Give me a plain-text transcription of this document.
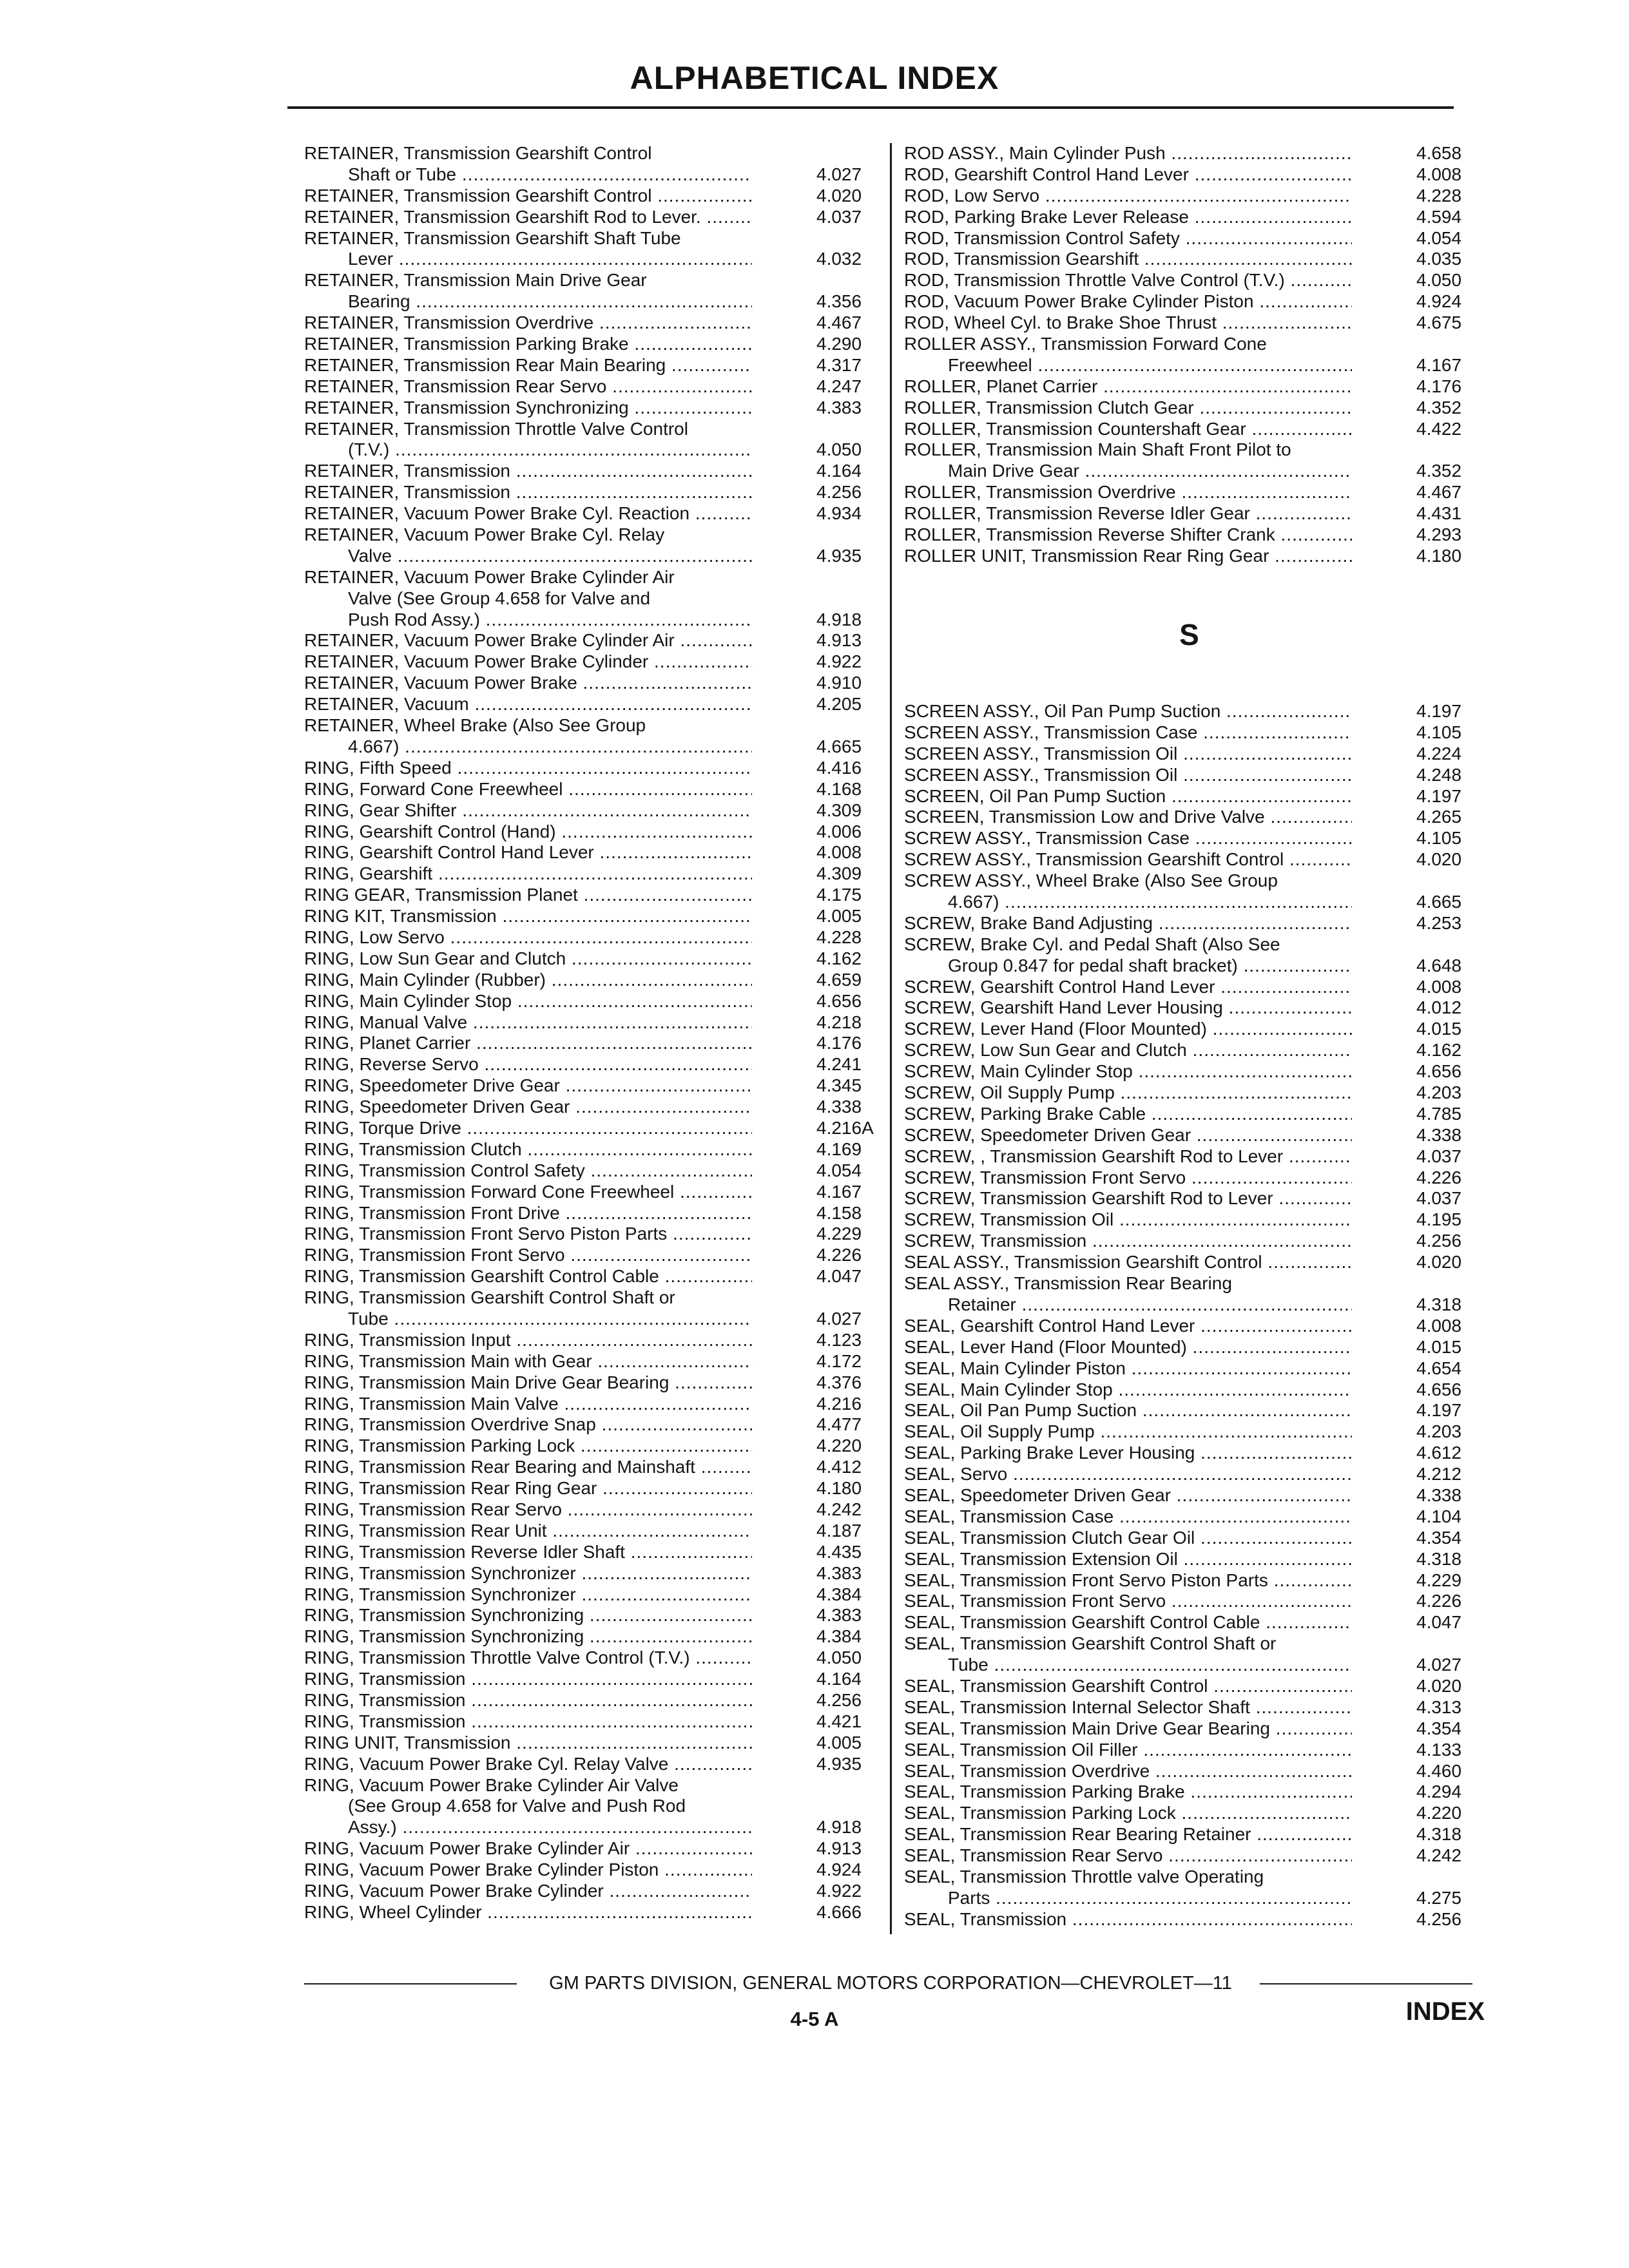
ALPHABETICAL INDEX
RETAINER, Transmission Gearshift Control
Shaft or Tube .....	4.027
RETAINER, Transmission Gearshift Control .....	4.020
RETAINER, Transmission Gearshift Rod to Lever. .....	4.037
RETAINER, Transmission Gearshift Shaft Tube
Lever .....	4.032
RETAINER, Transmission Main Drive Gear
Bearing .....	4.356
RETAINER, Transmission Overdrive .....	4.467
RETAINER, Transmission Parking Brake .....	4.290
RETAINER, Transmission Rear Main Bearing .....	4.317
RETAINER, Transmission Rear Servo .....	4.247
RETAINER, Transmission Synchronizing .....	4.383
RETAINER, Transmission Throttle Valve Control
(T.V.) .....	4.050
RETAINER, Transmission .....	4.164
RETAINER, Transmission .....	4.256
RETAINER, Vacuum Power Brake Cyl. Reaction .....	4.934
RETAINER, Vacuum Power Brake Cyl. Relay
Valve .....	4.935
RETAINER, Vacuum Power Brake Cylinder Air
Valve (See Group 4.658 for Valve and
Push Rod Assy.) .....	4.918
RETAINER, Vacuum Power Brake Cylinder Air .....	4.913
RETAINER, Vacuum Power Brake Cylinder .....	4.922
RETAINER, Vacuum Power Brake .....	4.910
RETAINER, Vacuum .....	4.205
RETAINER, Wheel Brake (Also See Group
4.667) .....	4.665
RING, Fifth Speed .....	4.416
RING, Forward Cone Freewheel .....	4.168
RING, Gear Shifter .....	4.309
RING, Gearshift Control (Hand) .....	4.006
RING, Gearshift Control Hand Lever .....	4.008
RING, Gearshift .....	4.309
RING GEAR, Transmission Planet .....	4.175
RING KIT, Transmission .....	4.005
RING, Low Servo .....	4.228
RING, Low Sun Gear and Clutch .....	4.162
RING, Main Cylinder (Rubber) .....	4.659
RING, Main Cylinder Stop .....	4.656
RING, Manual Valve .....	4.218
RING, Planet Carrier .....	4.176
RING, Reverse Servo .....	4.241
RING, Speedometer Drive Gear .....	4.345
RING, Speedometer Driven Gear .....	4.338
RING, Torque Drive .....	4.216A
RING, Transmission Clutch .....	4.169
RING, Transmission Control Safety .....	4.054
RING, Transmission Forward Cone Freewheel .....	4.167
RING, Transmission Front Drive .....	4.158
RING, Transmission Front Servo Piston Parts .....	4.229
RING, Transmission Front Servo .....	4.226
RING, Transmission Gearshift Control Cable .....	4.047
RING, Transmission Gearshift Control Shaft or
Tube .....	4.027
RING, Transmission Input .....	4.123
RING, Transmission Main with Gear .....	4.172
RING, Transmission Main Drive Gear Bearing .....	4.376
RING, Transmission Main Valve .....	4.216
RING, Transmission Overdrive Snap .....	4.477
RING, Transmission Parking Lock .....	4.220
RING, Transmission Rear Bearing and Mainshaft .....	4.412
RING, Transmission Rear Ring Gear .....	4.180
RING, Transmission Rear Servo .....	4.242
RING, Transmission Rear Unit .....	4.187
RING, Transmission Reverse Idler Shaft .....	4.435
RING, Transmission Synchronizer .....	4.383
RING, Transmission Synchronizer .....	4.384
RING, Transmission Synchronizing .....	4.383
RING, Transmission Synchronizing .....	4.384
RING, Transmission Throttle Valve Control (T.V.) .....	4.050
RING, Transmission .....	4.164
RING, Transmission .....	4.256
RING, Transmission .....	4.421
RING UNIT, Transmission .....	4.005
RING, Vacuum Power Brake Cyl. Relay Valve .....	4.935
RING, Vacuum Power Brake Cylinder Air Valve
(See Group 4.658 for Valve and Push Rod
Assy.) .....	4.918
RING, Vacuum Power Brake Cylinder Air .....	4.913
RING, Vacuum Power Brake Cylinder Piston .....	4.924
RING, Vacuum Power Brake Cylinder .....	4.922
RING, Wheel Cylinder .....	4.666
ROD ASSY., Main Cylinder Push .....	4.658
ROD, Gearshift Control Hand Lever .....	4.008
ROD, Low Servo .....	4.228
ROD, Parking Brake Lever Release .....	4.594
ROD, Transmission Control Safety .....	4.054
ROD, Transmission Gearshift .....	4.035
ROD, Transmission Throttle Valve Control (T.V.) .....	4.050
ROD, Vacuum Power Brake Cylinder Piston .....	4.924
ROD, Wheel Cyl. to Brake Shoe Thrust .....	4.675
ROLLER ASSY., Transmission Forward Cone
Freewheel .....	4.167
ROLLER, Planet Carrier .....	4.176
ROLLER, Transmission Clutch Gear .....	4.352
ROLLER, Transmission Countershaft Gear .....	4.422
ROLLER, Transmission Main Shaft Front Pilot to
Main Drive Gear .....	4.352
ROLLER, Transmission Overdrive .....	4.467
ROLLER, Transmission Reverse Idler Gear .....	4.431
ROLLER, Transmission Reverse Shifter Crank .....	4.293
ROLLER UNIT, Transmission Rear Ring Gear .....	4.180
S
SCREEN ASSY., Oil Pan Pump Suction .....	4.197
SCREEN ASSY., Transmission Case .....	4.105
SCREEN ASSY., Transmission Oil .....	4.224
SCREEN ASSY., Transmission Oil .....	4.248
SCREEN, Oil Pan Pump Suction .....	4.197
SCREEN, Transmission Low and Drive Valve .....	4.265
SCREW ASSY., Transmission Case .....	4.105
SCREW ASSY., Transmission Gearshift Control .....	4.020
SCREW ASSY., Wheel Brake (Also See Group
4.667) .....	4.665
SCREW, Brake Band Adjusting .....	4.253
SCREW, Brake Cyl. and Pedal Shaft (Also See
Group 0.847 for pedal shaft bracket) .....	4.648
SCREW, Gearshift Control Hand Lever .....	4.008
SCREW, Gearshift Hand Lever Housing .....	4.012
SCREW, Lever Hand (Floor Mounted) .....	4.015
SCREW, Low Sun Gear and Clutch .....	4.162
SCREW, Main Cylinder Stop .....	4.656
SCREW, Oil Supply Pump .....	4.203
SCREW, Parking Brake Cable .....	4.785
SCREW, Speedometer Driven Gear .....	4.338
SCREW, , Transmission Gearshift Rod to Lever .....	4.037
SCREW, Transmission Front Servo .....	4.226
SCREW, Transmission Gearshift Rod to Lever .....	4.037
SCREW, Transmission Oil .....	4.195
SCREW, Transmission .....	4.256
SEAL ASSY., Transmission Gearshift Control .....	4.020
SEAL ASSY., Transmission Rear Bearing
Retainer .....	4.318
SEAL, Gearshift Control Hand Lever .....	4.008
SEAL, Lever Hand (Floor Mounted) .....	4.015
SEAL, Main Cylinder Piston .....	4.654
SEAL, Main Cylinder Stop .....	4.656
SEAL, Oil Pan Pump Suction .....	4.197
SEAL, Oil Supply Pump .....	4.203
SEAL, Parking Brake Lever Housing .....	4.612
SEAL, Servo .....	4.212
SEAL, Speedometer Driven Gear .....	4.338
SEAL, Transmission Case .....	4.104
SEAL, Transmission Clutch Gear Oil .....	4.354
SEAL, Transmission Extension Oil .....	4.318
SEAL, Transmission Front Servo Piston Parts .....	4.229
SEAL, Transmission Front Servo .....	4.226
SEAL, Transmission Gearshift Control Cable .....	4.047
SEAL, Transmission Gearshift Control Shaft or
Tube .....	4.027
SEAL, Transmission Gearshift Control .....	4.020
SEAL, Transmission Internal Selector Shaft .....	4.313
SEAL, Transmission Main Drive Gear Bearing .....	4.354
SEAL, Transmission Oil Filler .....	4.133
SEAL, Transmission Overdrive .....	4.460
SEAL, Transmission Parking Brake .....	4.294
SEAL, Transmission Parking Lock .....	4.220
SEAL, Transmission Rear Bearing Retainer .....	4.318
SEAL, Transmission Rear Servo .....	4.242
SEAL, Transmission Throttle valve Operating
Parts .....	4.275
SEAL, Transmission .....	4.256
GM PARTS DIVISION, GENERAL MOTORS CORPORATION—CHEVROLET—11
4-5 A	INDEX
